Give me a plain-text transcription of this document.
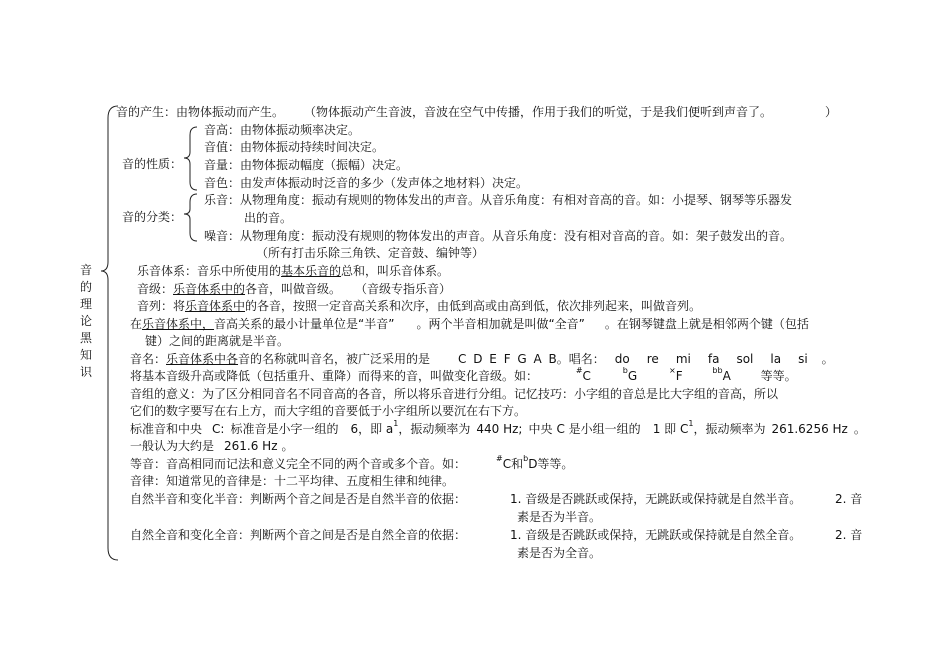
音的理论黑知识
音的产生：由物体振动而产生。 （物体振动产生音波，音波在空气中传播，作用于我们的听觉，于是我们便听到声音了。	）
音的性质：
音高：由物体振动频率决定。
音值：由物体振动持续时间决定。
音量：由物体振动幅度（振幅）决定。
音色：由发声体振动时泛音的多少（发声体之地材料）决定。
音的分类：
乐音：从物理角度：振动有规则的物体发出的声音。从音乐角度：有相对音高的音。如：小提琴、钢琴等乐器发
出的音。
噪音：从物理角度：振动没有规则的物体发出的声音。从音乐角度：没有相对音高的音。如：架子鼓发出的音。
（所有打击乐除三角铁、定音鼓、编钟等）
乐音体系：音乐中所使用的基本乐音的总和，叫乐音体系。
音级：乐音体系中的各音，叫做音级。 （音级专指乐音）
音列：将乐音体系中的各音，按照一定音高关系和次序，由低到高或由高到低，依次排列起来，叫做音列。
在乐音体系中，音高关系的最小计量单位是“半音” 。两个半音相加就是叫做“全音” 。在钢琴键盘上就是相邻两个键（包括
键）之间的距离就是半音。
音名：乐音体系中各音的名称就叫音名，被广泛采用的是 C D E F G A B。唱名： do re mi fa sol la si 。
将基本音级升高或降低（包括重升、重降）而得来的音，叫做变化音级。如：	#C	$^b$G	×F	$^{bb}$A 等等。
音组的意义：为了区分相同音名不同音高的各音，所以将乐音进行分组。记忆技巧：小字组的音总是比大字组的音高，所以
它们的数字要写在右上方，而大字组的音要低于小字组所以要沉在右下方。
标准音和中央 C: 标准音是小字一组的 6，即 $a^1$，振动频率为 440 Hz; 中央 C 是小组一组的 1 即 $C^1$，振动频率为 261.6256 Hz 。
一般认为大约是 261.6 Hz 。
等音：音高相同而记法和意义完全不同的两个音或多个音。如：	#C和$^b$D等等。
音律：知道常见的音律是：十二平均律、五度相生律和纯律。
自然半音和变化半音：判断两个音之间是否是自然半音的依据：	1. 音级是否跳跃或保持，无跳跃或保持就是自然半音。	2. 音
素是否为半音。
自然全音和变化全音：判断两个音之间是否是自然全音的依据：	1. 音级是否跳跃或保持，无跳跃或保持就是自然全音。	2. 音
素是否为全音。
